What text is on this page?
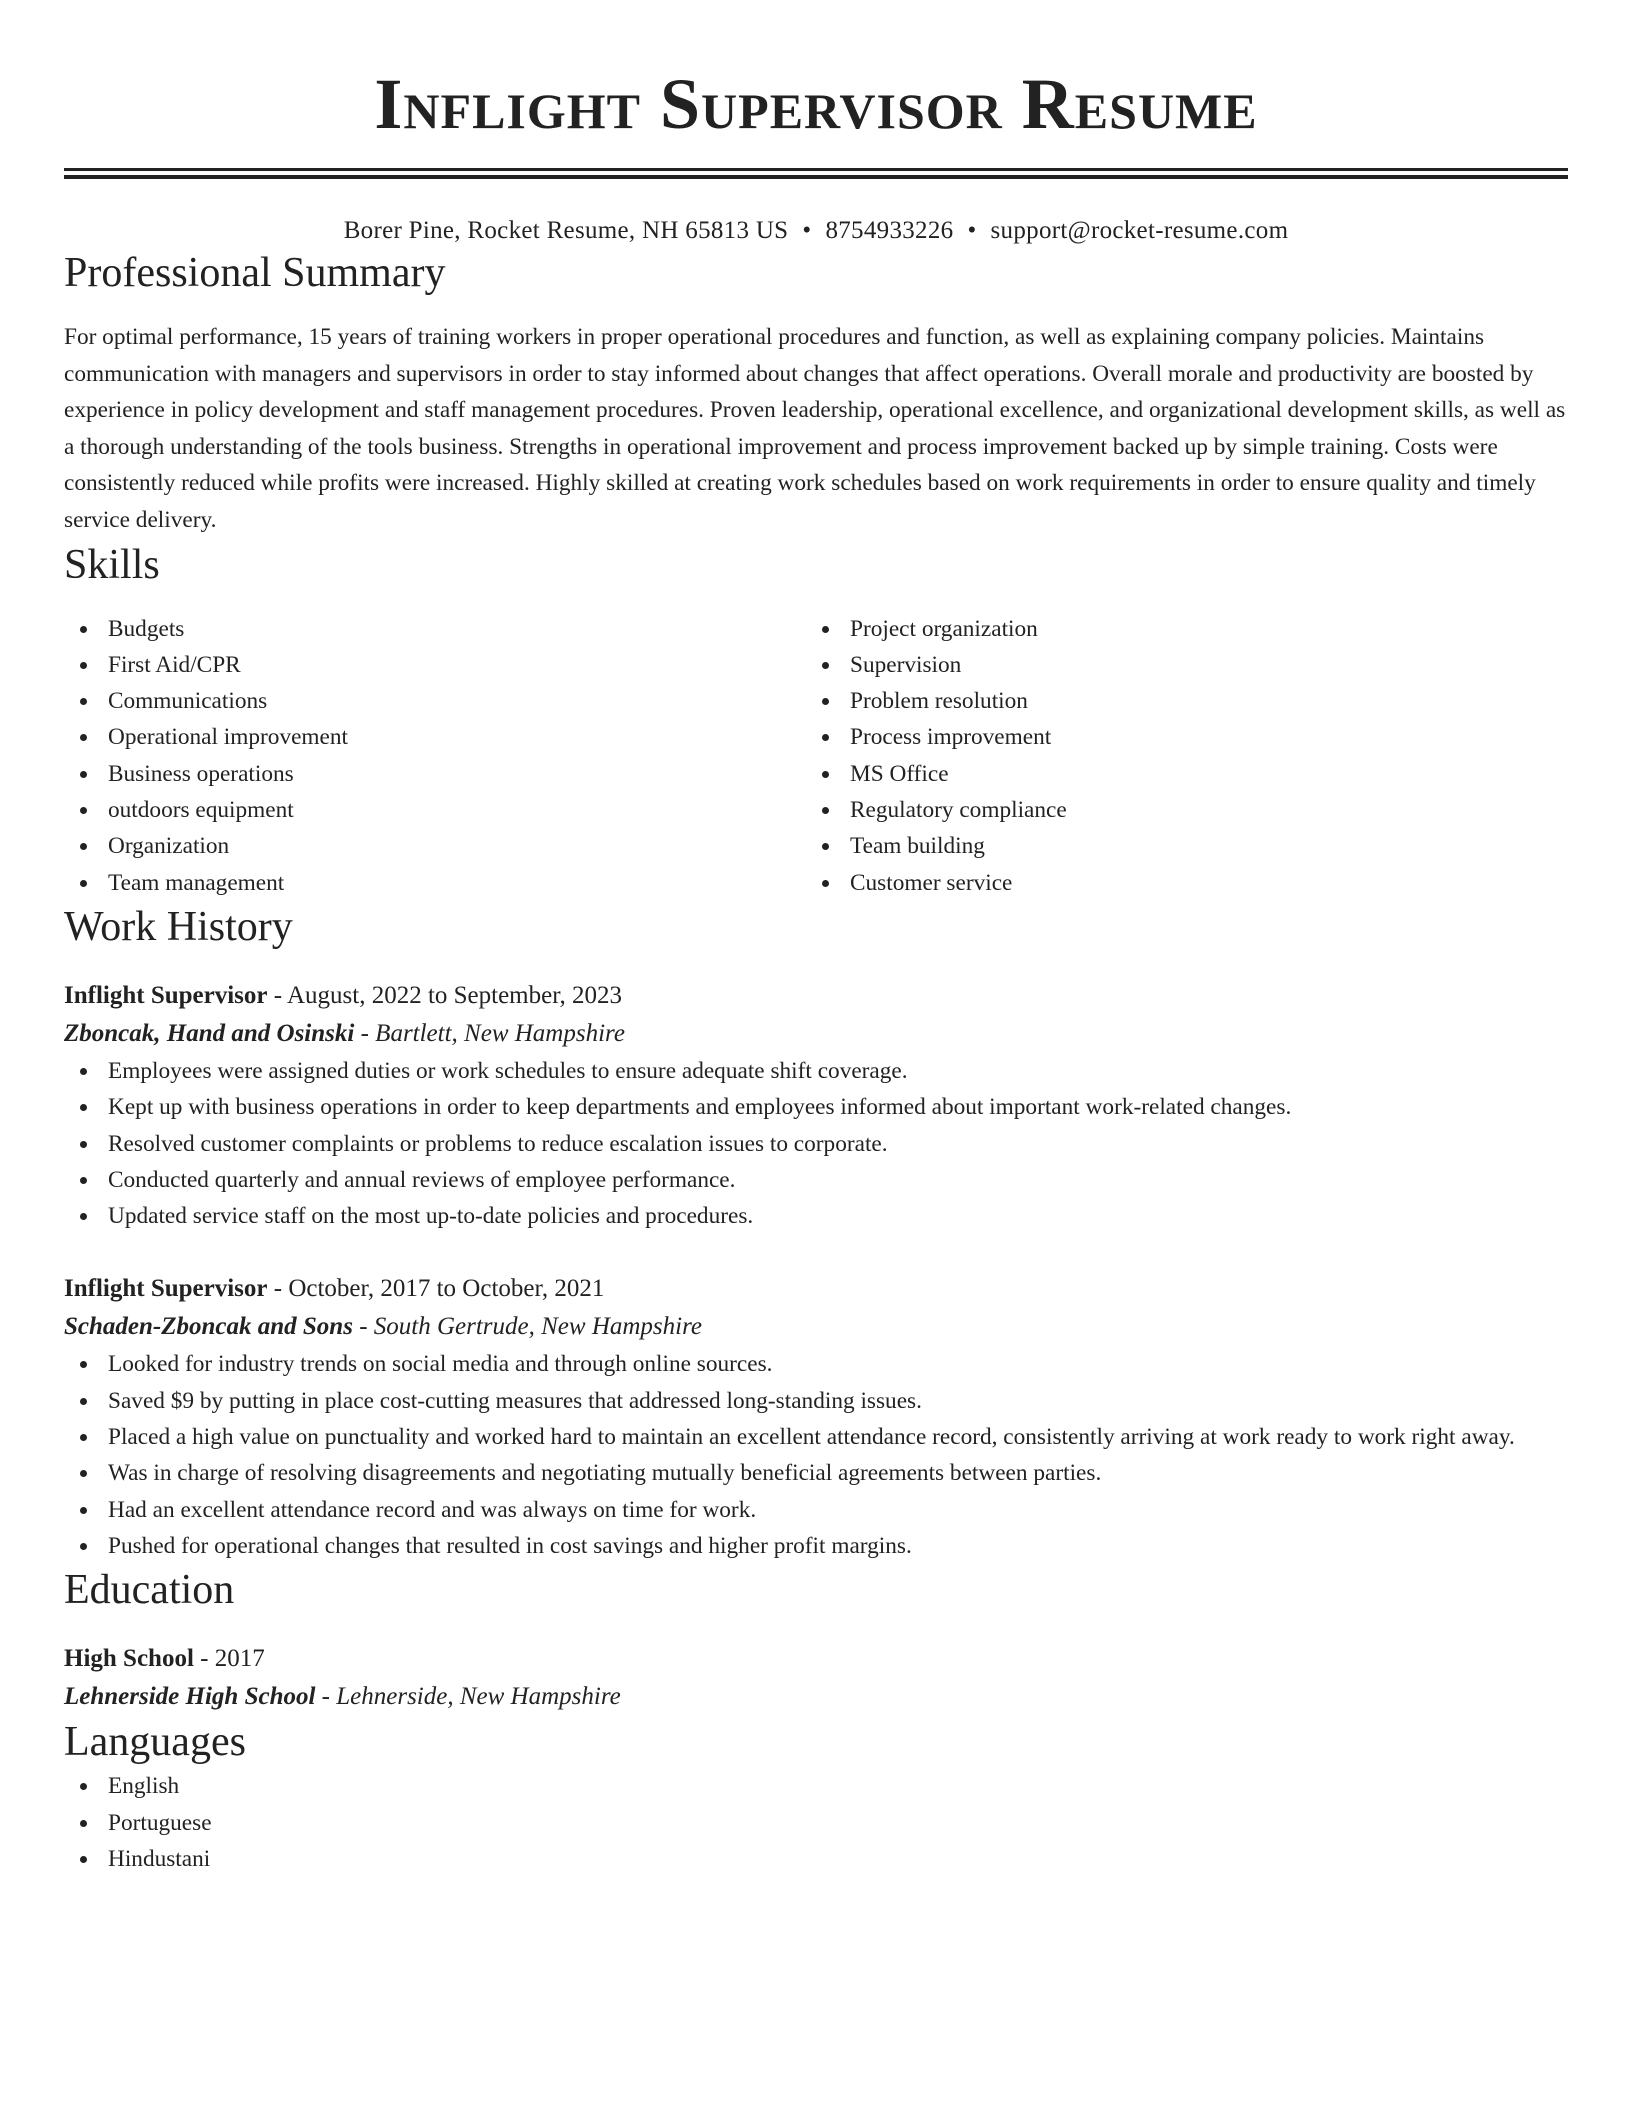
Inflight Supervisor Resume
Borer Pine, Rocket Resume, NH 65813 US • 8754933226 • support@rocket-resume.com
Professional Summary
For optimal performance, 15 years of training workers in proper operational procedures and function, as well as explaining company policies. Maintains communication with managers and supervisors in order to stay informed about changes that affect operations. Overall morale and productivity are boosted by experience in policy development and staff management procedures. Proven leadership, operational excellence, and organizational development skills, as well as a thorough understanding of the tools business. Strengths in operational improvement and process improvement backed up by simple training. Costs were consistently reduced while profits were increased. Highly skilled at creating work schedules based on work requirements in order to ensure quality and timely service delivery.
Skills
Budgets
First Aid/CPR
Communications
Operational improvement
Business operations
outdoors equipment
Organization
Team management
Project organization
Supervision
Problem resolution
Process improvement
MS Office
Regulatory compliance
Team building
Customer service
Work History
Inflight Supervisor - August, 2022 to September, 2023
Zboncak, Hand and Osinski - Bartlett, New Hampshire
Employees were assigned duties or work schedules to ensure adequate shift coverage.
Kept up with business operations in order to keep departments and employees informed about important work-related changes.
Resolved customer complaints or problems to reduce escalation issues to corporate.
Conducted quarterly and annual reviews of employee performance.
Updated service staff on the most up-to-date policies and procedures.
Inflight Supervisor - October, 2017 to October, 2021
Schaden-Zboncak and Sons - South Gertrude, New Hampshire
Looked for industry trends on social media and through online sources.
Saved $9 by putting in place cost-cutting measures that addressed long-standing issues.
Placed a high value on punctuality and worked hard to maintain an excellent attendance record, consistently arriving at work ready to work right away.
Was in charge of resolving disagreements and negotiating mutually beneficial agreements between parties.
Had an excellent attendance record and was always on time for work.
Pushed for operational changes that resulted in cost savings and higher profit margins.
Education
High School - 2017
Lehnerside High School - Lehnerside, New Hampshire
Languages
English
Portuguese
Hindustani
